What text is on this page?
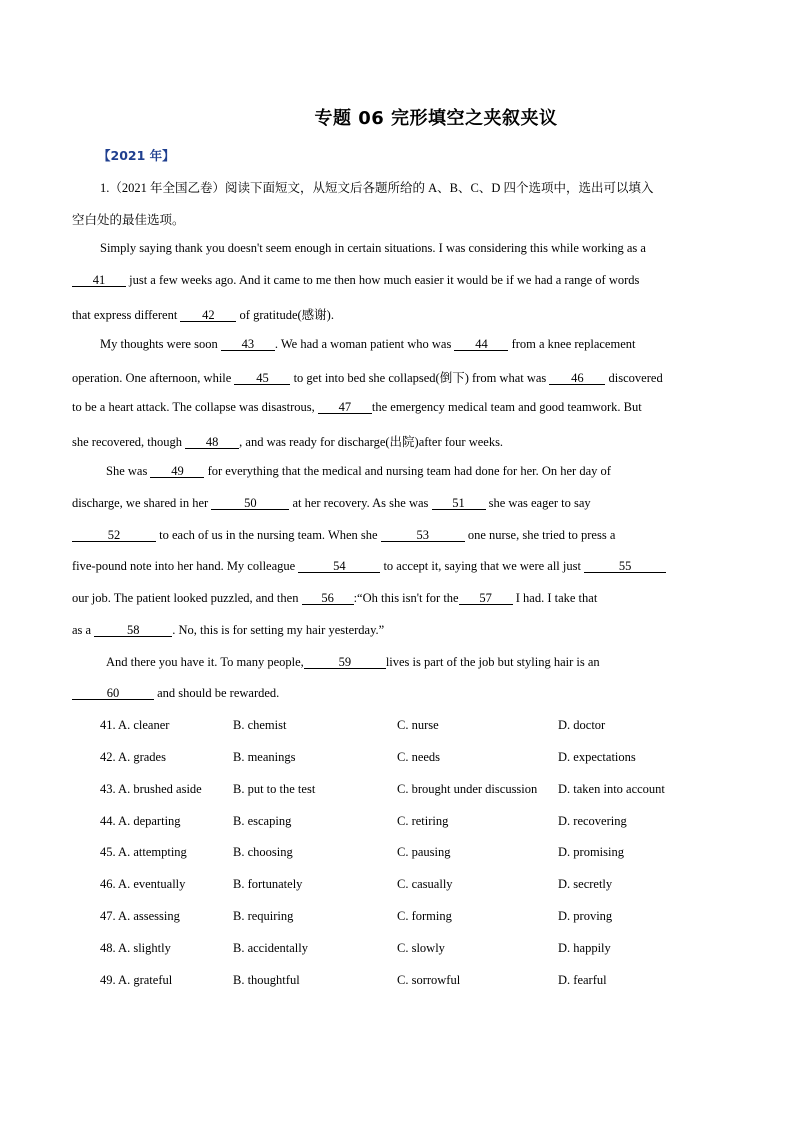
专题 06 完形填空之夹叙夹议
【2021 年】
1.（2021 年全国乙卷）阅读下面短文，从短文后各题所给的 A、B、C、D 四个选项中，选出可以填入
空白处的最佳选项。
Simply saying thank you doesn't seem enough in certain situations. I was considering this while working as a
41 just a few weeks ago. And it came to me then how much easier it would be if we had a range of words
that express different 42 of gratitude(感谢).
My thoughts were soon 43 . We had a woman patient who was 44 from a knee replacement
operation. One afternoon, while 45 to get into bed she collapsed(倒下) from what was 46 discovered
to be a heart attack. The collapse was disastrous, 47 the emergency medical team and good teamwork. But
she recovered, though 48 , and was ready for discharge(出院)after four weeks.
She was 49 for everything that the medical and nursing team had done for her. On her day of
discharge, we shared in her	50	at her recovery. As she was 51 she was eager to say
52	to each of us in the nursing team. When she	53	one nurse, she tried to press a
five-pound note into her hand. My colleague	54	to accept it, saying that we were all just	55
our job. The patient looked puzzled, and then 56 :“Oh this isn't for the 57 I had. I take that
as a	58	. No, this is for setting my hair yesterday.”
And there you have it. To many people,	59	lives is part of the job but styling hair is an
60	and should be rewarded.
41. A. cleaner	B. chemist	C. nurse	D. doctor
42. A. grades	B. meanings	C. needs	D. expectations
43. A. brushed aside	B. put to the test	C. brought under discussion D. taken into account
44. A. departing	B. escaping	C. retiring	D. recovering
45. A. attempting	B. choosing	C. pausing	D. promising
46. A. eventually	B. fortunately	C. casually	D. secretly
47. A. assessing	B. requiring	C. forming	D. proving
48. A. slightly	B. accidentally	C. slowly	D. happily
49. A. grateful	B. thoughtful	C. sorrowful	D. fearful
